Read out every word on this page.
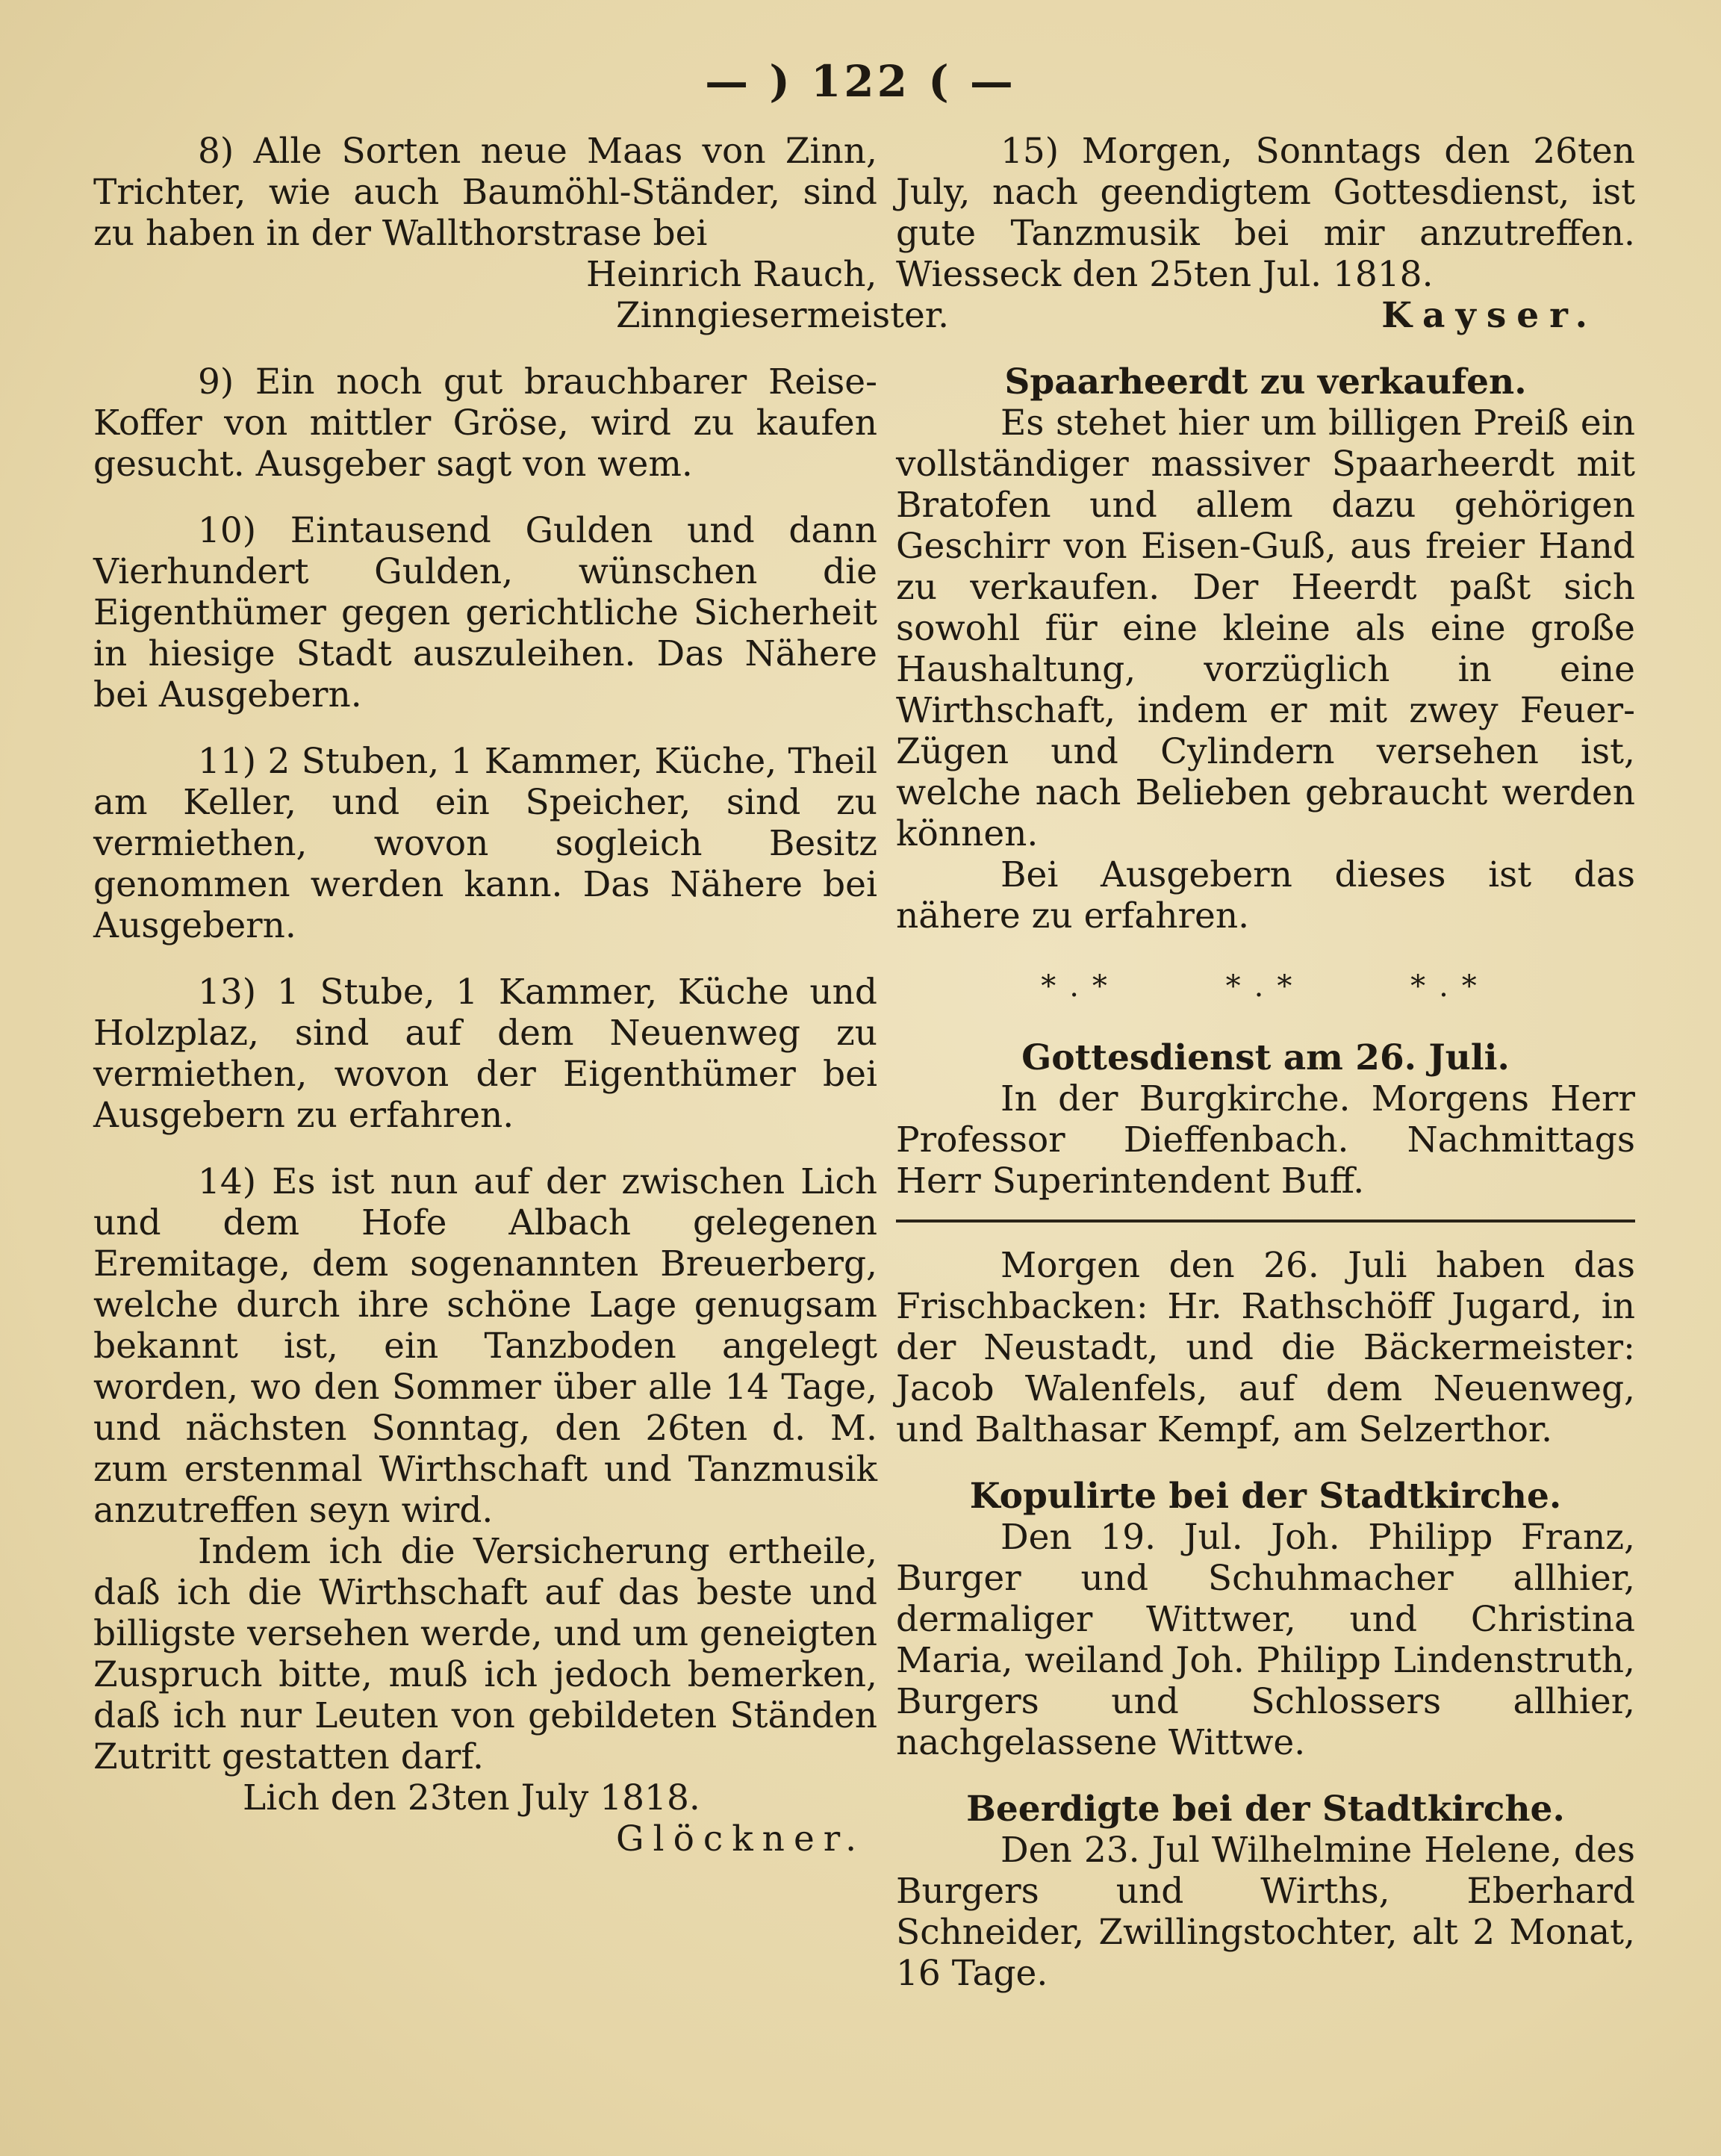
— ) 122 ( —

8) Alle Sorten neue Maas von Zinn, Trichter, wie auch Baumöhl-Ständer, sind zu haben in der Wallthorstrase bei

Heinrich Rauch,

Zinngiesermeister.

9) Ein noch gut brauchbarer Reise-Koffer von mittler Gröse, wird zu kaufen gesucht. Ausgeber sagt von wem.

10) Eintausend Gulden und dann Vierhundert Gulden, wünschen die Eigenthümer gegen gerichtliche Sicherheit in hiesige Stadt auszuleihen. Das Nähere bei Ausgebern.

11) 2 Stuben, 1 Kammer, Küche, Theil am Keller, und ein Speicher, sind zu vermiethen, wovon sogleich Besitz genommen werden kann. Das Nähere bei Ausgebern.

13) 1 Stube, 1 Kammer, Küche und Holzplaz, sind auf dem Neuenweg zu vermiethen, wovon der Eigenthümer bei Ausgebern zu erfahren.

14) Es ist nun auf der zwischen Lich und dem Hofe Albach gelegenen Eremitage, dem sogenannten Breuerberg, welche durch ihre schöne Lage genugsam bekannt ist, ein Tanzboden angelegt worden, wo den Sommer über alle 14 Tage, und nächsten Sonntag, den 26ten d. M. zum erstenmal Wirthschaft und Tanzmusik anzutreffen seyn wird.

Indem ich die Versicherung ertheile, daß ich die Wirthschaft auf das beste und billigste versehen werde, und um geneigten Zuspruch bitte, muß ich jedoch bemerken, daß ich nur Leuten von gebildeten Ständen Zutritt gestatten darf.

Lich den 23ten July 1818.

Glöckner.

15) Morgen, Sonntags den 26ten July, nach geendigtem Gottesdienst, ist gute Tanzmusik bei mir anzutreffen. Wiesseck den 25ten Jul. 1818.

Kayser.

Spaarheerdt zu verkaufen.

Es stehet hier um billigen Preiß ein vollständiger massiver Spaarheerdt mit Bratofen und allem dazu gehörigen Geschirr von Eisen-Guß, aus freier Hand zu verkaufen. Der Heerdt paßt sich sowohl für eine kleine als eine große Haushaltung, vorzüglich in eine Wirthschaft, indem er mit zwey Feuer-Zügen und Cylindern versehen ist, welche nach Belieben gebraucht werden können.

Bei Ausgebern dieses ist das nähere zu erfahren.

*.*	*.*	*.*

Gottesdienst am 26. Juli.

In der Burgkirche. Morgens Herr Professor Dieffenbach. Nachmittags Herr Superintendent Buff.

Morgen den 26. Juli haben das Frischbacken: Hr. Rathschöff Jugard, in der Neustadt, und die Bäckermeister: Jacob Walenfels, auf dem Neuenweg, und Balthasar Kempf, am Selzerthor.

Kopulirte bei der Stadtkirche.

Den 19. Jul. Joh. Philipp Franz, Burger und Schuhmacher allhier, dermaliger Wittwer, und Christina Maria, weiland Joh. Philipp Lindenstruth, Burgers und Schlossers allhier, nachgelassene Wittwe.

Beerdigte bei der Stadtkirche.

Den 23. Jul Wilhelmine Helene, des Burgers und Wirths, Eberhard Schneider, Zwillingstochter, alt 2 Monat, 16 Tage.
